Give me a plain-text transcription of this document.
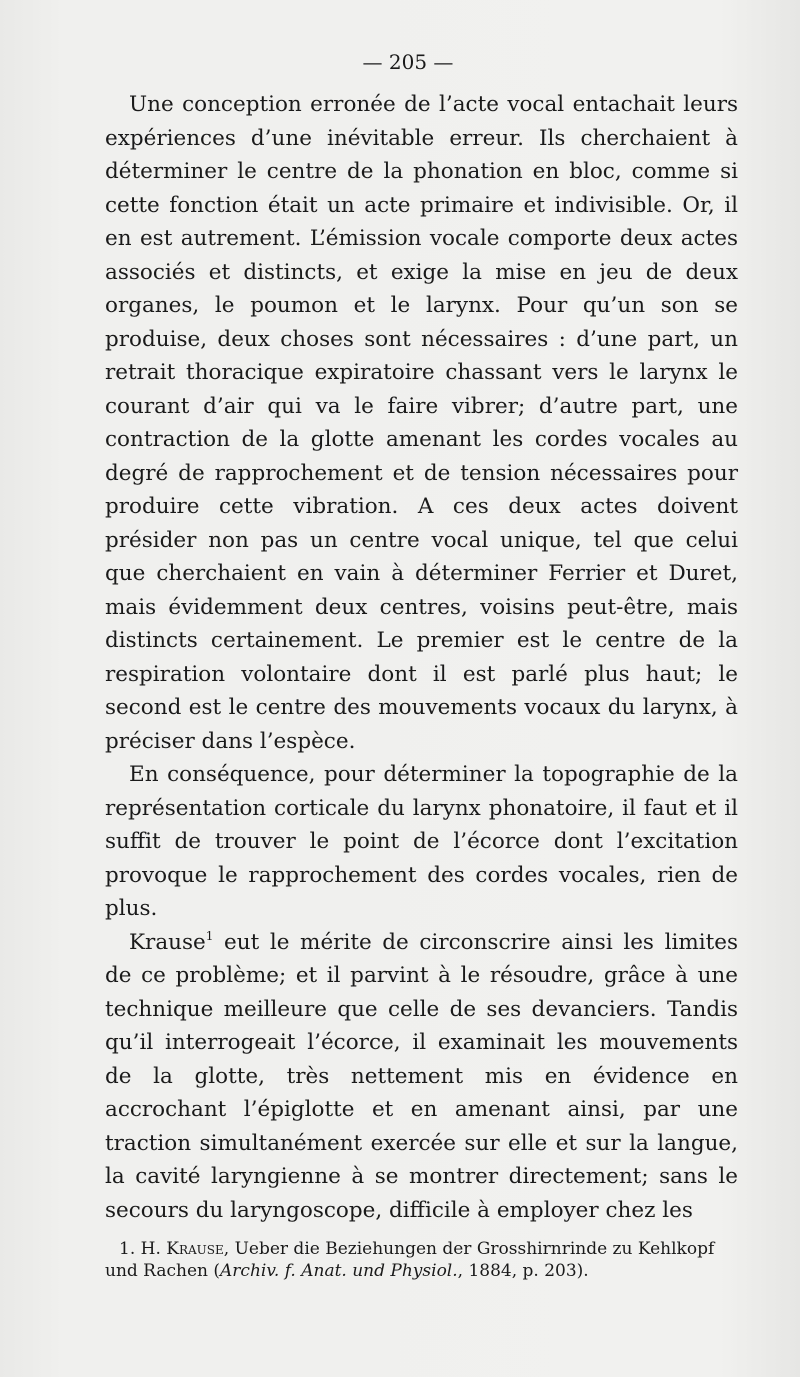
— 205 —

Une conception erronée de l’acte vocal entachait leurs expériences d’une inévitable erreur. Ils cherchaient à déterminer le centre de la phonation en bloc, comme si cette fonction était un acte primaire et indivisible. Or, il en est autrement. L’émission vocale comporte deux actes associés et distincts, et exige la mise en jeu de deux organes, le poumon et le larynx. Pour qu’un son se produise, deux choses sont nécessaires : d’une part, un retrait thoracique expiratoire chassant vers le larynx le courant d’air qui va le faire vibrer; d’autre part, une contraction de la glotte amenant les cordes vocales au degré de rapprochement et de tension nécessaires pour produire cette vibration. A ces deux actes doivent présider non pas un centre vocal unique, tel que celui que cherchaient en vain à déterminer Ferrier et Duret, mais évidemment deux centres, voisins peut-être, mais distincts certainement. Le premier est le centre de la respiration volontaire dont il est parlé plus haut; le second est le centre des mouvements vocaux du larynx, à préciser dans l’espèce.

En conséquence, pour déterminer la topographie de la représentation corticale du larynx phonatoire, il faut et il suffit de trouver le point de l’écorce dont l’excitation provoque le rapprochement des cordes vocales, rien de plus.

Krause$^1$ eut le mérite de circonscrire ainsi les limites de ce problème; et il parvint à le résoudre, grâce à une technique meilleure que celle de ses devanciers. Tandis qu’il interrogeait l’écorce, il examinait les mouvements de la glotte, très nettement mis en évidence en accrochant l’épiglotte et en amenant ainsi, par une traction simultanément exercée sur elle et sur la langue, la cavité laryngienne à se montrer directement; sans le secours du laryngoscope, difficile à employer chez les

1. H. Krause, Ueber die Beziehungen der Grosshirnrinde zu Kehlkopf und Rachen (Archiv. f. Anat. und Physiol., 1884, p. 203).
